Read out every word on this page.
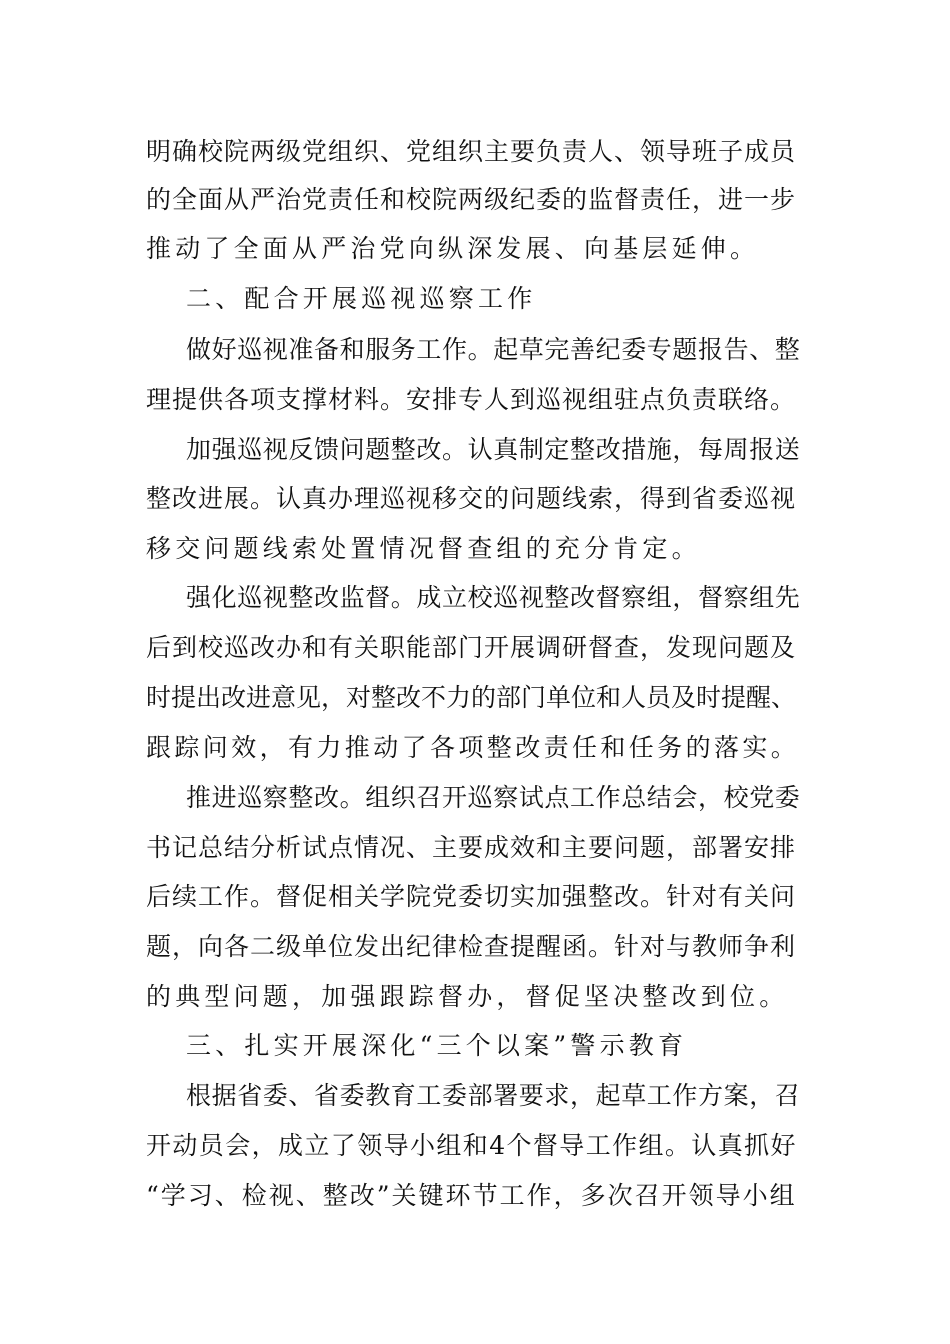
明确校院两级党组织、党组织主要负责人、领导班子成员
的全面从严治党责任和校院两级纪委的监督责任，进一步
推动了全面从严治党向纵深发展、向基层延伸。
二、配合开展巡视巡察工作
做好巡视准备和服务工作。起草完善纪委专题报告、整
理提供各项支撑材料。安排专人到巡视组驻点负责联络。
加强巡视反馈问题整改。认真制定整改措施，每周报送
整改进展。认真办理巡视移交的问题线索，得到省委巡视
移交问题线索处置情况督查组的充分肯定。
强化巡视整改监督。成立校巡视整改督察组，督察组先
后到校巡改办和有关职能部门开展调研督查，发现问题及
时提出改进意见，对整改不力的部门单位和人员及时提醒、
跟踪问效，有力推动了各项整改责任和任务的落实。
推进巡察整改。组织召开巡察试点工作总结会，校党委
书记总结分析试点情况、主要成效和主要问题，部署安排
后续工作。督促相关学院党委切实加强整改。针对有关问
题，向各二级单位发出纪律检查提醒函。针对与教师争利
的典型问题，加强跟踪督办，督促坚决整改到位。
三、扎实开展深化“三个以案”警示教育
根据省委、省委教育工委部署要求，起草工作方案，召
开动员会，成立了领导小组和4个督导工作组。认真抓好
“学习、检视、整改”关键环节工作，多次召开领导小组
